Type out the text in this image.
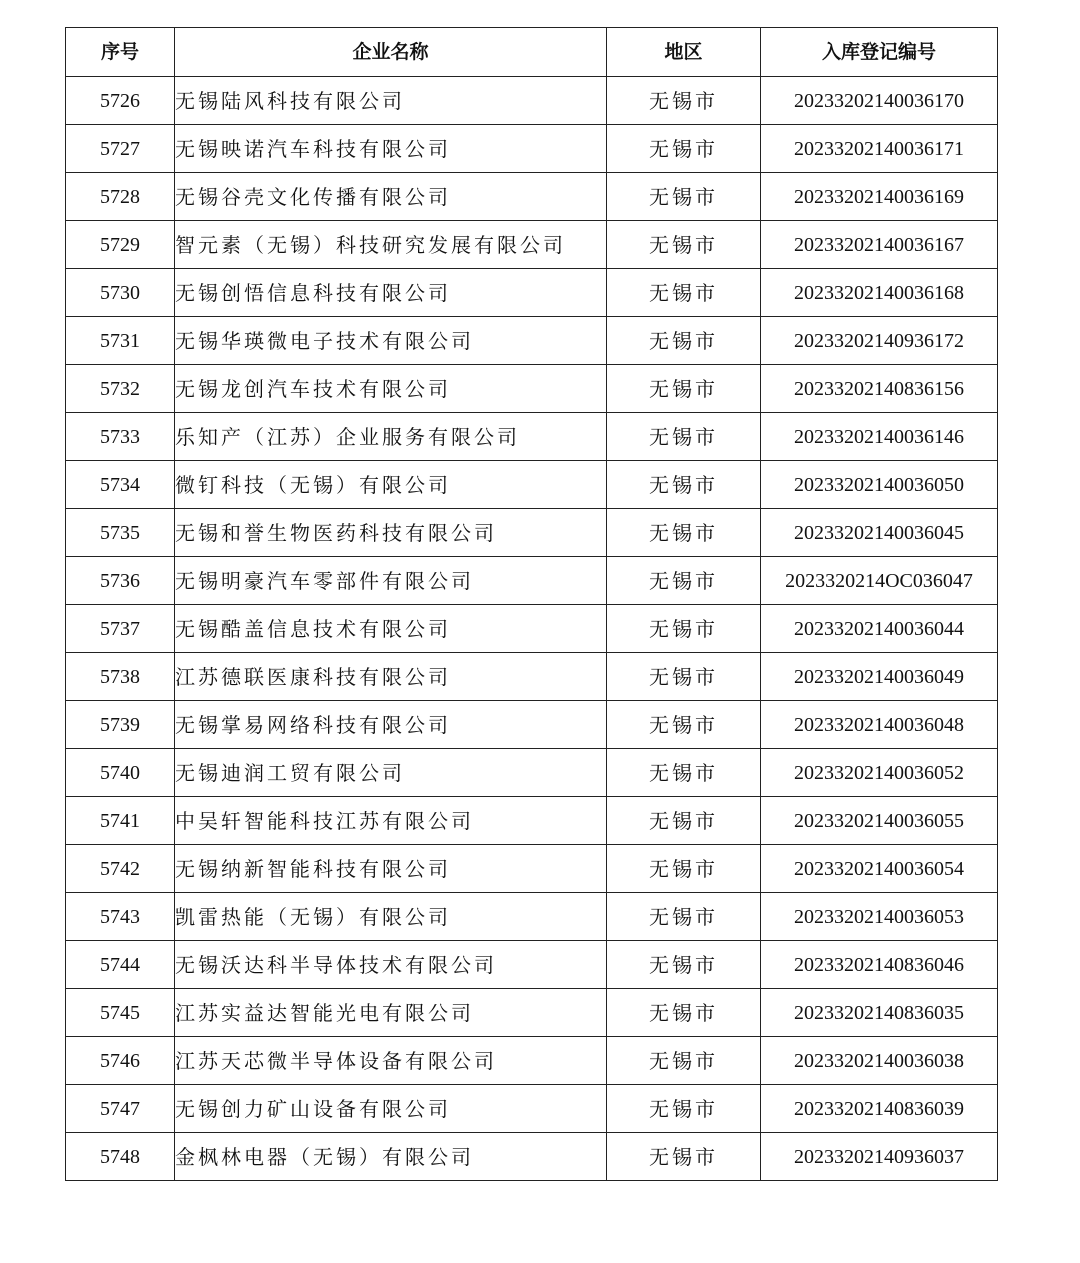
序号	企业名称	地区	入库登记编号
5726	无锡陆风科技有限公司	无锡市	20233202140036170
5727	无锡映诺汽车科技有限公司	无锡市	20233202140036171
5728	无锡谷壳文化传播有限公司	无锡市	20233202140036169
5729	智元素（无锡）科技研究发展有限公司	无锡市	20233202140036167
5730	无锡创悟信息科技有限公司	无锡市	20233202140036168
5731	无锡华瑛微电子技术有限公司	无锡市	20233202140936172
5732	无锡龙创汽车技术有限公司	无锡市	20233202140836156
5733	乐知产（江苏）企业服务有限公司	无锡市	20233202140036146
5734	微钉科技（无锡）有限公司	无锡市	20233202140036050
5735	无锡和誉生物医药科技有限公司	无锡市	20233202140036045
5736	无锡明豪汽车零部件有限公司	无锡市	2023320214OC036047
5737	无锡酷盖信息技术有限公司	无锡市	20233202140036044
5738	江苏德联医康科技有限公司	无锡市	20233202140036049
5739	无锡掌易网络科技有限公司	无锡市	20233202140036048
5740	无锡迪润工贸有限公司	无锡市	20233202140036052
5741	中吴轩智能科技江苏有限公司	无锡市	20233202140036055
5742	无锡纳新智能科技有限公司	无锡市	20233202140036054
5743	凯雷热能（无锡）有限公司	无锡市	20233202140036053
5744	无锡沃达科半导体技术有限公司	无锡市	20233202140836046
5745	江苏实益达智能光电有限公司	无锡市	20233202140836035
5746	江苏天芯微半导体设备有限公司	无锡市	20233202140036038
5747	无锡创力矿山设备有限公司	无锡市	20233202140836039
5748	金枫林电器（无锡）有限公司	无锡市	20233202140936037
